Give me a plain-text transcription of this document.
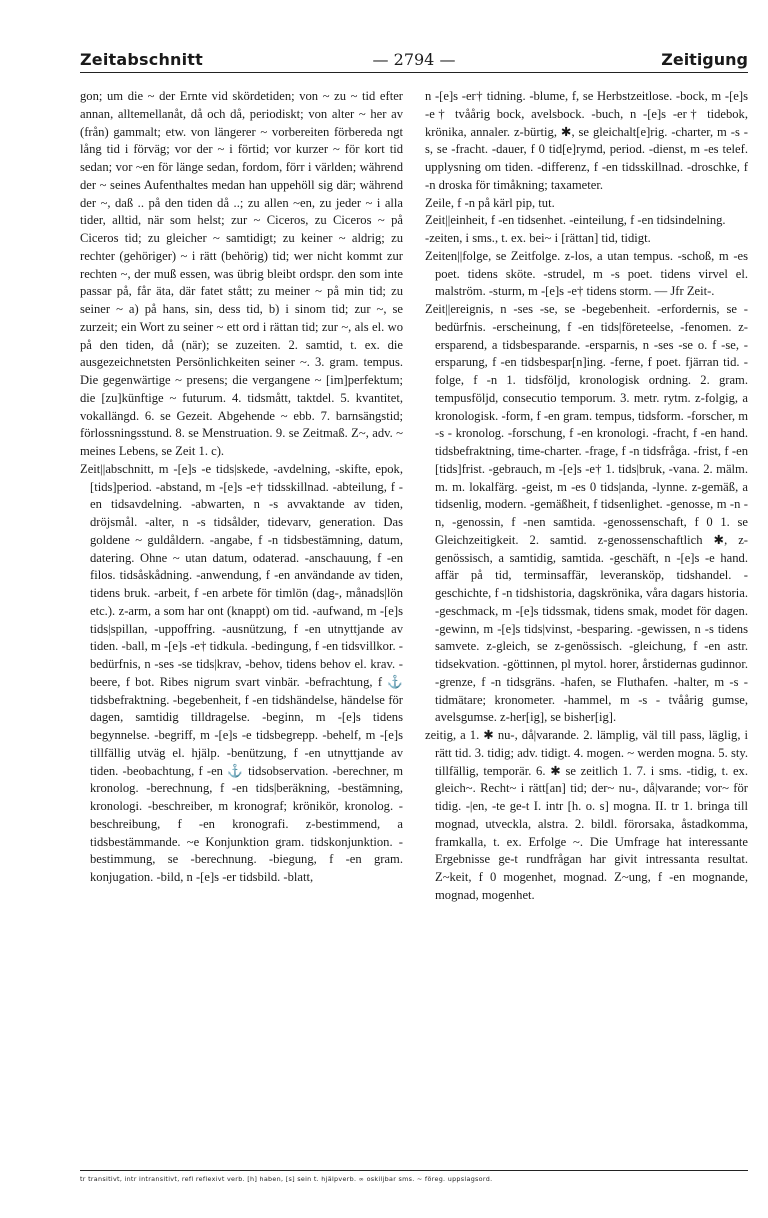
Zeitabschnitt	— 2794 —	Zeitigung

gon; um die ~ der Ernte vid skördetiden; von ~ zu ~ tid efter annan, alltemellanåt, då och då, periodiskt; von alter ~ her av (från) gammalt; etw. von längerer ~ vorbereiten förbereda ngt lång tid i förväg; vor der ~ i förtid; vor kurzer ~ för kort tid sedan; vor ~en för länge sedan, fordom, förr i världen; während der ~ seines Aufenthaltes medan han uppehöll sig där; während der ~, daß .. på den tiden då ..; zu allen ~en, zu jeder ~ i alla tider, alltid, när som helst; zur ~ Ciceros, zu Ciceros ~ på Ciceros tid; zu gleicher ~ samtidigt; zu keiner ~ aldrig; zu rechter (gehöriger) ~ i rätt (behörig) tid; wer nicht kommt zur rechten ~, der muß essen, was übrig bleibt ordspr. den som inte passar på, får äta, där fatet stått; zu meiner ~ på min tid; zu seiner ~ a) på hans, sin, dess tid, b) i sinom tid; zur ~, se zurzeit; ein Wort zu seiner ~ ett ord i rättan tid; zur ~, als el. wo på den tiden, då (när); se zuzeiten. 2. samtid, t. ex. die ausgezeichnetsten Persönlichkeiten seiner ~. 3. gram. tempus. Die gegenwärtige ~ presens; die vergangene ~ [im]perfektum; die [zu]künftige ~ futurum. 4. tidsmått, taktdel. 5. kvantitet, vokallängd. 6. se Gezeit. Abgehende ~ ebb. 7. barnsängstid; förlossningsstund. 8. se Menstruation. 9. se Zeitmaß. Z~, adv. ~ meines Lebens, se Zeit 1. c).

Zeit||abschnitt, m -[e]s -e tids|skede, -avdelning, -skifte, epok, [tids]period. -abstand, m -[e]s -e† tidsskillnad. -abteilung, f -en tidsavdelning. -abwarten, n -s avvaktande av tiden, dröjsmål. -alter, n -s tidsålder, tidevarv, generation. Das goldene ~ guldåldern. -angabe, f -n tidsbestämning, datum, datering. Ohne ~ utan datum, odaterad. -anschauung, f -en filos. tidsåskådning. -anwendung, f -en användande av tiden, tidens bruk. -arbeit, f -en arbete för timlön (dag-, månads|lön etc.). z-arm, a som har ont (knappt) om tid. -aufwand, m -[e]s tids|spillan, -uppoffring. -ausnützung, f -en utnyttjande av tiden. -ball, m -[e]s -e† tidkula. -bedingung, f -en tidsvillkor. -bedürfnis, n -ses -se tids|krav, -behov, tidens behov el. krav. -beere, f bot. Ribes nigrum svart vinbär. -befrachtung, f ⚓ tidsbefraktning. -begebenheit, f -en tidshändelse, händelse för dagen, samtidig tilldragelse. -beginn, m -[e]s tidens begynnelse. -begriff, m -[e]s -e tidsbegrepp. -behelf, m -[e]s tillfällig utväg el. hjälp. -benützung, f -en utnyttjande av tiden. -beobachtung, f -en ⚓ tidsobservation. -berechner, m kronolog. -berechnung, f -en tids|beräkning, -bestämning, kronologi. -beschreiber, m kronograf; krönikör, kronolog. -beschreibung, f -en kronografi. z-bestimmend, a tidsbestämmande. ~e Konjunktion gram. tidskonjunktion. -bestimmung, se -berechnung. -biegung, f -en gram. konjugation. -bild, n -[e]s -er tidsbild. -blatt,

n -[e]s -er† tidning. -blume, f, se Herbstzeitlose. -bock, m -[e]s -e† tvåårig bock, avelsbock. -buch, n -[e]s -er† tidebok, krönika, annaler. z-bürtig, ✱, se gleichalt[e]rig. -charter, m -s -s, se -fracht. -dauer, f 0 tid[e]rymd, period. -dienst, m -es telef. upplysning om tiden. -differenz, f -en tidsskillnad. -droschke, f -n droska för timåkning; taxameter.

Zeile, f -n på kärl pip, tut.

Zeit||einheit, f -en tidsenhet. -einteilung, f -en tidsindelning.

-zeiten, i sms., t. ex. bei~ i [rättan] tid, tidigt.

Zeiten||folge, se Zeitfolge. z-los, a utan tempus. -schoß, m -es poet. tidens sköte. -strudel, m -s poet. tidens virvel el. malström. -sturm, m -[e]s -e† tidens storm. — Jfr Zeit-.

Zeit||ereignis, n -ses -se, se -begebenheit. -erfordernis, se -bedürfnis. -erscheinung, f -en tids|företeelse, -fenomen. z-ersparend, a tidsbesparande. -ersparnis, n -ses -se o. f -se, -ersparung, f -en tidsbespar[n]ing. -ferne, f poet. fjärran tid. -folge, f -n 1. tidsföljd, kronologisk ordning. 2. gram. tempusföljd, consecutio temporum. 3. metr. rytm. z-folgig, a kronologisk. -form, f -en gram. tempus, tidsform. -forscher, m -s - kronolog. -forschung, f -en kronologi. -fracht, f -en hand. tidsbefraktning, time-charter. -frage, f -n tidsfråga. -frist, f -en [tids]frist. -gebrauch, m -[e]s -e† 1. tids|bruk, -vana. 2. mälm. m. m. lokalfärg. -geist, m -es 0 tids|anda, -lynne. z-gemäß, a tidsenlig, modern. -gemäßheit, f tidsenlighet. -genosse, m -n -n, -genossin, f -nen samtida. -genossenschaft, f 0 1. se Gleichzeitigkeit. 2. samtid. z-genossenschaftlich ✱, z-genössisch, a samtidig, samtida. -geschäft, n -[e]s -e hand. affär på tid, terminsaffär, leveransköp, tidshandel. -geschichte, f -n tidshistoria, dagskrönika, våra dagars historia. -geschmack, m -[e]s tidssmak, tidens smak, modet för dagen. -gewinn, m -[e]s tids|vinst, -besparing. -gewissen, n -s tidens samvete. z-gleich, se z-genössisch. -gleichung, f -en astr. tidsekvation. -göttinnen, pl mytol. horer, årstidernas gudinnor. -grenze, f -n tidsgräns. -hafen, se Fluthafen. -halter, m -s - tidmätare; kronometer. -hammel, m -s - tvåårig gumse, avelsgumse. z-her[ig], se bisher[ig].

zeitig, a 1. ✱ nu-, då|varande. 2. lämplig, väl till pass, läglig, i rätt tid. 3. tidig; adv. tidigt. 4. mogen. ~ werden mogna. 5. sty. tillfällig, temporär. 6. ✱ se zeitlich 1. 7. i sms. -tidig, t. ex. gleich~. Recht~ i rätt[an] tid; der~ nu-, då|varande; vor~ för tidig. -|en, -te ge-t I. intr [h. o. s] mogna. II. tr 1. bringa till mognad, utveckla, alstra. 2. bildl. förorsaka, åstadkomma, framkalla, t. ex. Erfolge ~. Die Umfrage hat interessante Ergebnisse ge-t rundfrågan har givit intressanta resultat. Z~keit, f 0 mogenhet, mognad. Z~ung, f -en mognande, mognad, mogenhet.

tr transitivt, intr intransitivt, refl reflexivt verb. [h] haben, [s] sein t. hjälpverb. ∞ oskiljbar sms. ~ föreg. uppslagsord.
